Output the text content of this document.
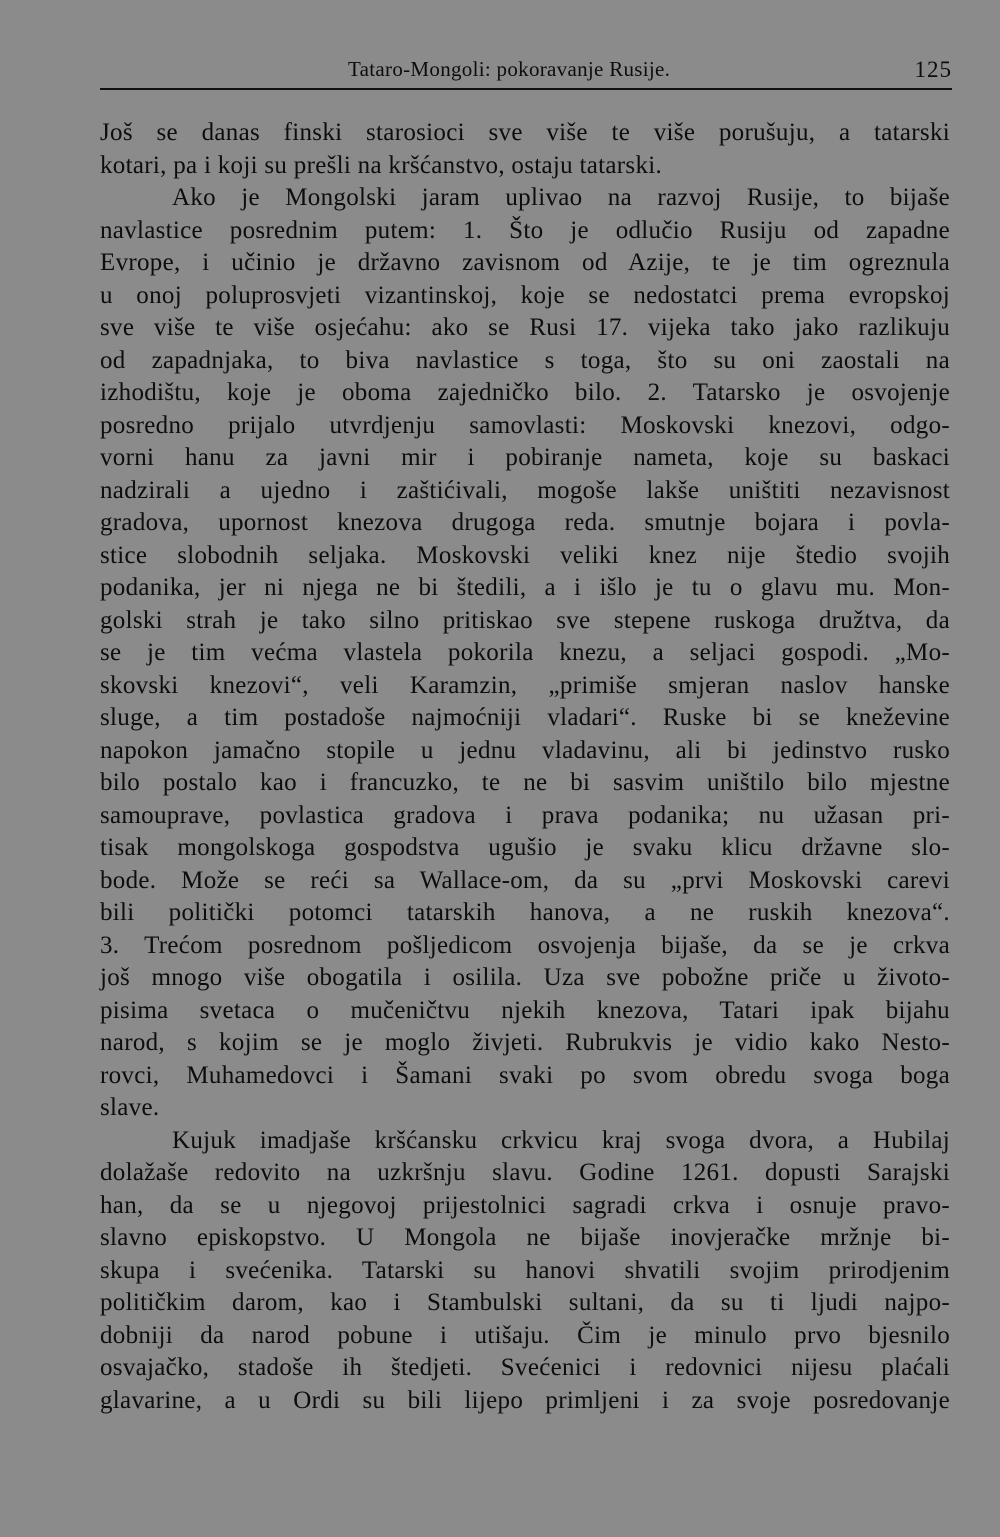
Tataro-Mongoli: pokoravanje Rusije.	125
Još se danas finski starosioci sve više te više porušuju, a tatarski
kotari, pa i koji su prešli na kršćanstvo, ostaju tatarski.
Ako je Mongolski jaram uplivao na razvoj Rusije, to bijaše
navlastice posrednim putem: 1. Što je odlučio Rusiju od zapadne
Evrope, i učinio je državno zavisnom od Azije, te je tim ogreznula
u onoj poluprosvjeti vizantinskoj, koje se nedostatci prema evropskoj
sve više te više osjećahu: ako se Rusi 17. vijeka tako jako razlikuju
od zapadnjaka, to biva navlastice s toga, što su oni zaostali na
izhodištu, koje je oboma zajedničko bilo. 2. Tatarsko je osvojenje
posredno prijalo utvrdjenju samovlasti: Moskovski knezovi, odgo-
vorni hanu za javni mir i pobiranje nameta, koje su baskaci
nadzirali a ujedno i zaštićivali, mogoše lakše uništiti nezavisnost
gradova, upornost knezova drugoga reda. smutnje bojara i povla-
stice slobodnih seljaka. Moskovski veliki knez nije štedio svojih
podanika, jer ni njega ne bi štedili, a i išlo je tu o glavu mu. Mon-
golski strah je tako silno pritiskao sve stepene ruskoga družtva, da
se je tim većma vlastela pokorila knezu, a seljaci gospodi. „Mo-
skovski knezovi“, veli Karamzin, „primiše smjeran naslov hanske
sluge, a tim postadoše najmoćniji vladari“. Ruske bi se kneževine
napokon jamačno stopile u jednu vladavinu, ali bi jedinstvo rusko
bilo postalo kao i francuzko, te ne bi sasvim uništilo bilo mjestne
samouprave, povlastica gradova i prava podanika; nu užasan pri-
tisak mongolskoga gospodstva ugušio je svaku klicu državne slo-
bode. Može se reći sa Wallace-om, da su „prvi Moskovski carevi
bili politički potomci tatarskih hanova, a ne ruskih knezova“.
3. Trećom posrednom pošljedicom osvojenja bijaše, da se je crkva
još mnogo više obogatila i osilila. Uza sve pobožne priče u životo-
pisima svetaca o mučeničtvu njekih knezova, Tatari ipak bijahu
narod, s kojim se je moglo živjeti. Rubrukvis je vidio kako Nesto-
rovci, Muhamedovci i Šamani svaki po svom obredu svoga boga
slave.
Kujuk imadjaše kršćansku crkvicu kraj svoga dvora, a Hubilaj
dolažaše redovito na uzkršnju slavu. Godine 1261. dopusti Sarajski
han, da se u njegovoj prijestolnici sagradi crkva i osnuje pravo-
slavno episkopstvo. U Mongola ne bijaše inovjeračke mržnje bi-
skupa i svećenika. Tatarski su hanovi shvatili svojim prirodjenim
političkim darom, kao i Stambulski sultani, da su ti ljudi najpo-
dobniji da narod pobune i utišaju. Čim je minulo prvo bjesnilo
osvajačko, stadoše ih štedjeti. Svećenici i redovnici nijesu plaćali
glavarine, a u Ordi su bili lijepo primljeni i za svoje posredovanje
